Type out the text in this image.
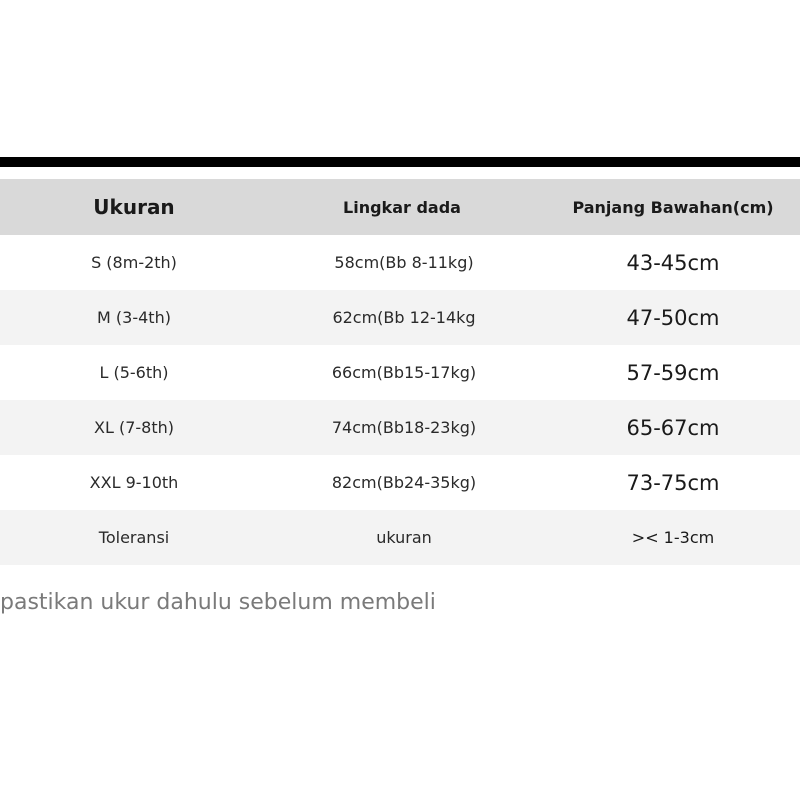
Ukuran	Lingkar dada	Panjang Bawahan(cm)
S (8m-2th)	58cm(Bb 8-11kg)	43-45cm
M (3-4th)	62cm(Bb 12-14kg	47-50cm
L (5-6th)	66cm(Bb15-17kg)	57-59cm
XL (7-8th)	74cm(Bb18-23kg)	65-67cm
XXL 9-10th	82cm(Bb24-35kg)	73-75cm
Toleransi	ukuran	>< 1-3cm
pastikan ukur dahulu sebelum membeli
